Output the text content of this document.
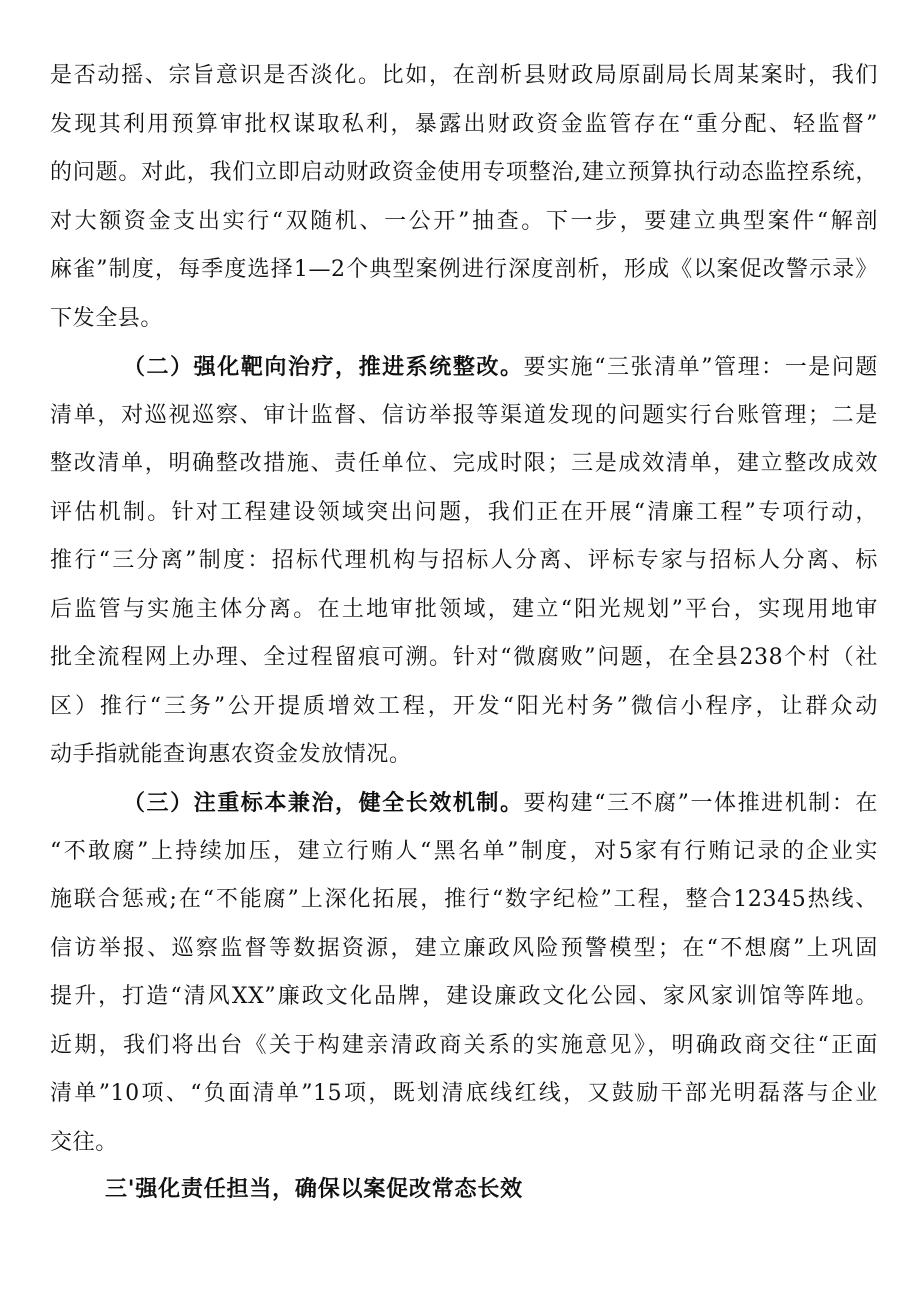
是否动摇、宗旨意识是否淡化。比如，在剖析县财政局原副局长周某案时，我们
发现其利用预算审批权谋取私利，暴露出财政资金监管存在“重分配、轻监督”
的问题。对此，我们立即启动财政资金使用专项整治,建立预算执行动态监控系统，
对大额资金支出实行“双随机、一公开”抽查。下一步，要建立典型案件“解剖
麻雀”制度，每季度选择1—2个典型案例进行深度剖析，形成《以案促改警示录》
下发全县。
（二）强化靶向治疗，推进系统整改。要实施“三张清单”管理：一是问题
清单，对巡视巡察、审计监督、信访举报等渠道发现的问题实行台账管理；二是
整改清单，明确整改措施、责任单位、完成时限；三是成效清单，建立整改成效
评估机制。针对工程建设领域突出问题，我们正在开展“清廉工程”专项行动，
推行“三分离”制度：招标代理机构与招标人分离、评标专家与招标人分离、标
后监管与实施主体分离。在土地审批领域，建立“阳光规划”平台，实现用地审
批全流程网上办理、全过程留痕可溯。针对“微腐败”问题，在全县238个村（社
区）推行“三务”公开提质增效工程，开发“阳光村务”微信小程序，让群众动
动手指就能查询惠农资金发放情况。
（三）注重标本兼治，健全长效机制。要构建“三不腐”一体推进机制：在
“不敢腐”上持续加压，建立行贿人“黑名单”制度，对5家有行贿记录的企业实
施联合惩戒;在“不能腐”上深化拓展，推行“数字纪检”工程，整合12345热线、
信访举报、巡察监督等数据资源，建立廉政风险预警模型；在“不想腐”上巩固
提升，打造“清风XX”廉政文化品牌，建设廉政文化公园、家风家训馆等阵地。
近期，我们将出台《关于构建亲清政商关系的实施意见》，明确政商交往“正面
清单”10项、“负面清单”15项，既划清底线红线，又鼓励干部光明磊落与企业
交往。
三'强化责任担当，确保以案促改常态长效
